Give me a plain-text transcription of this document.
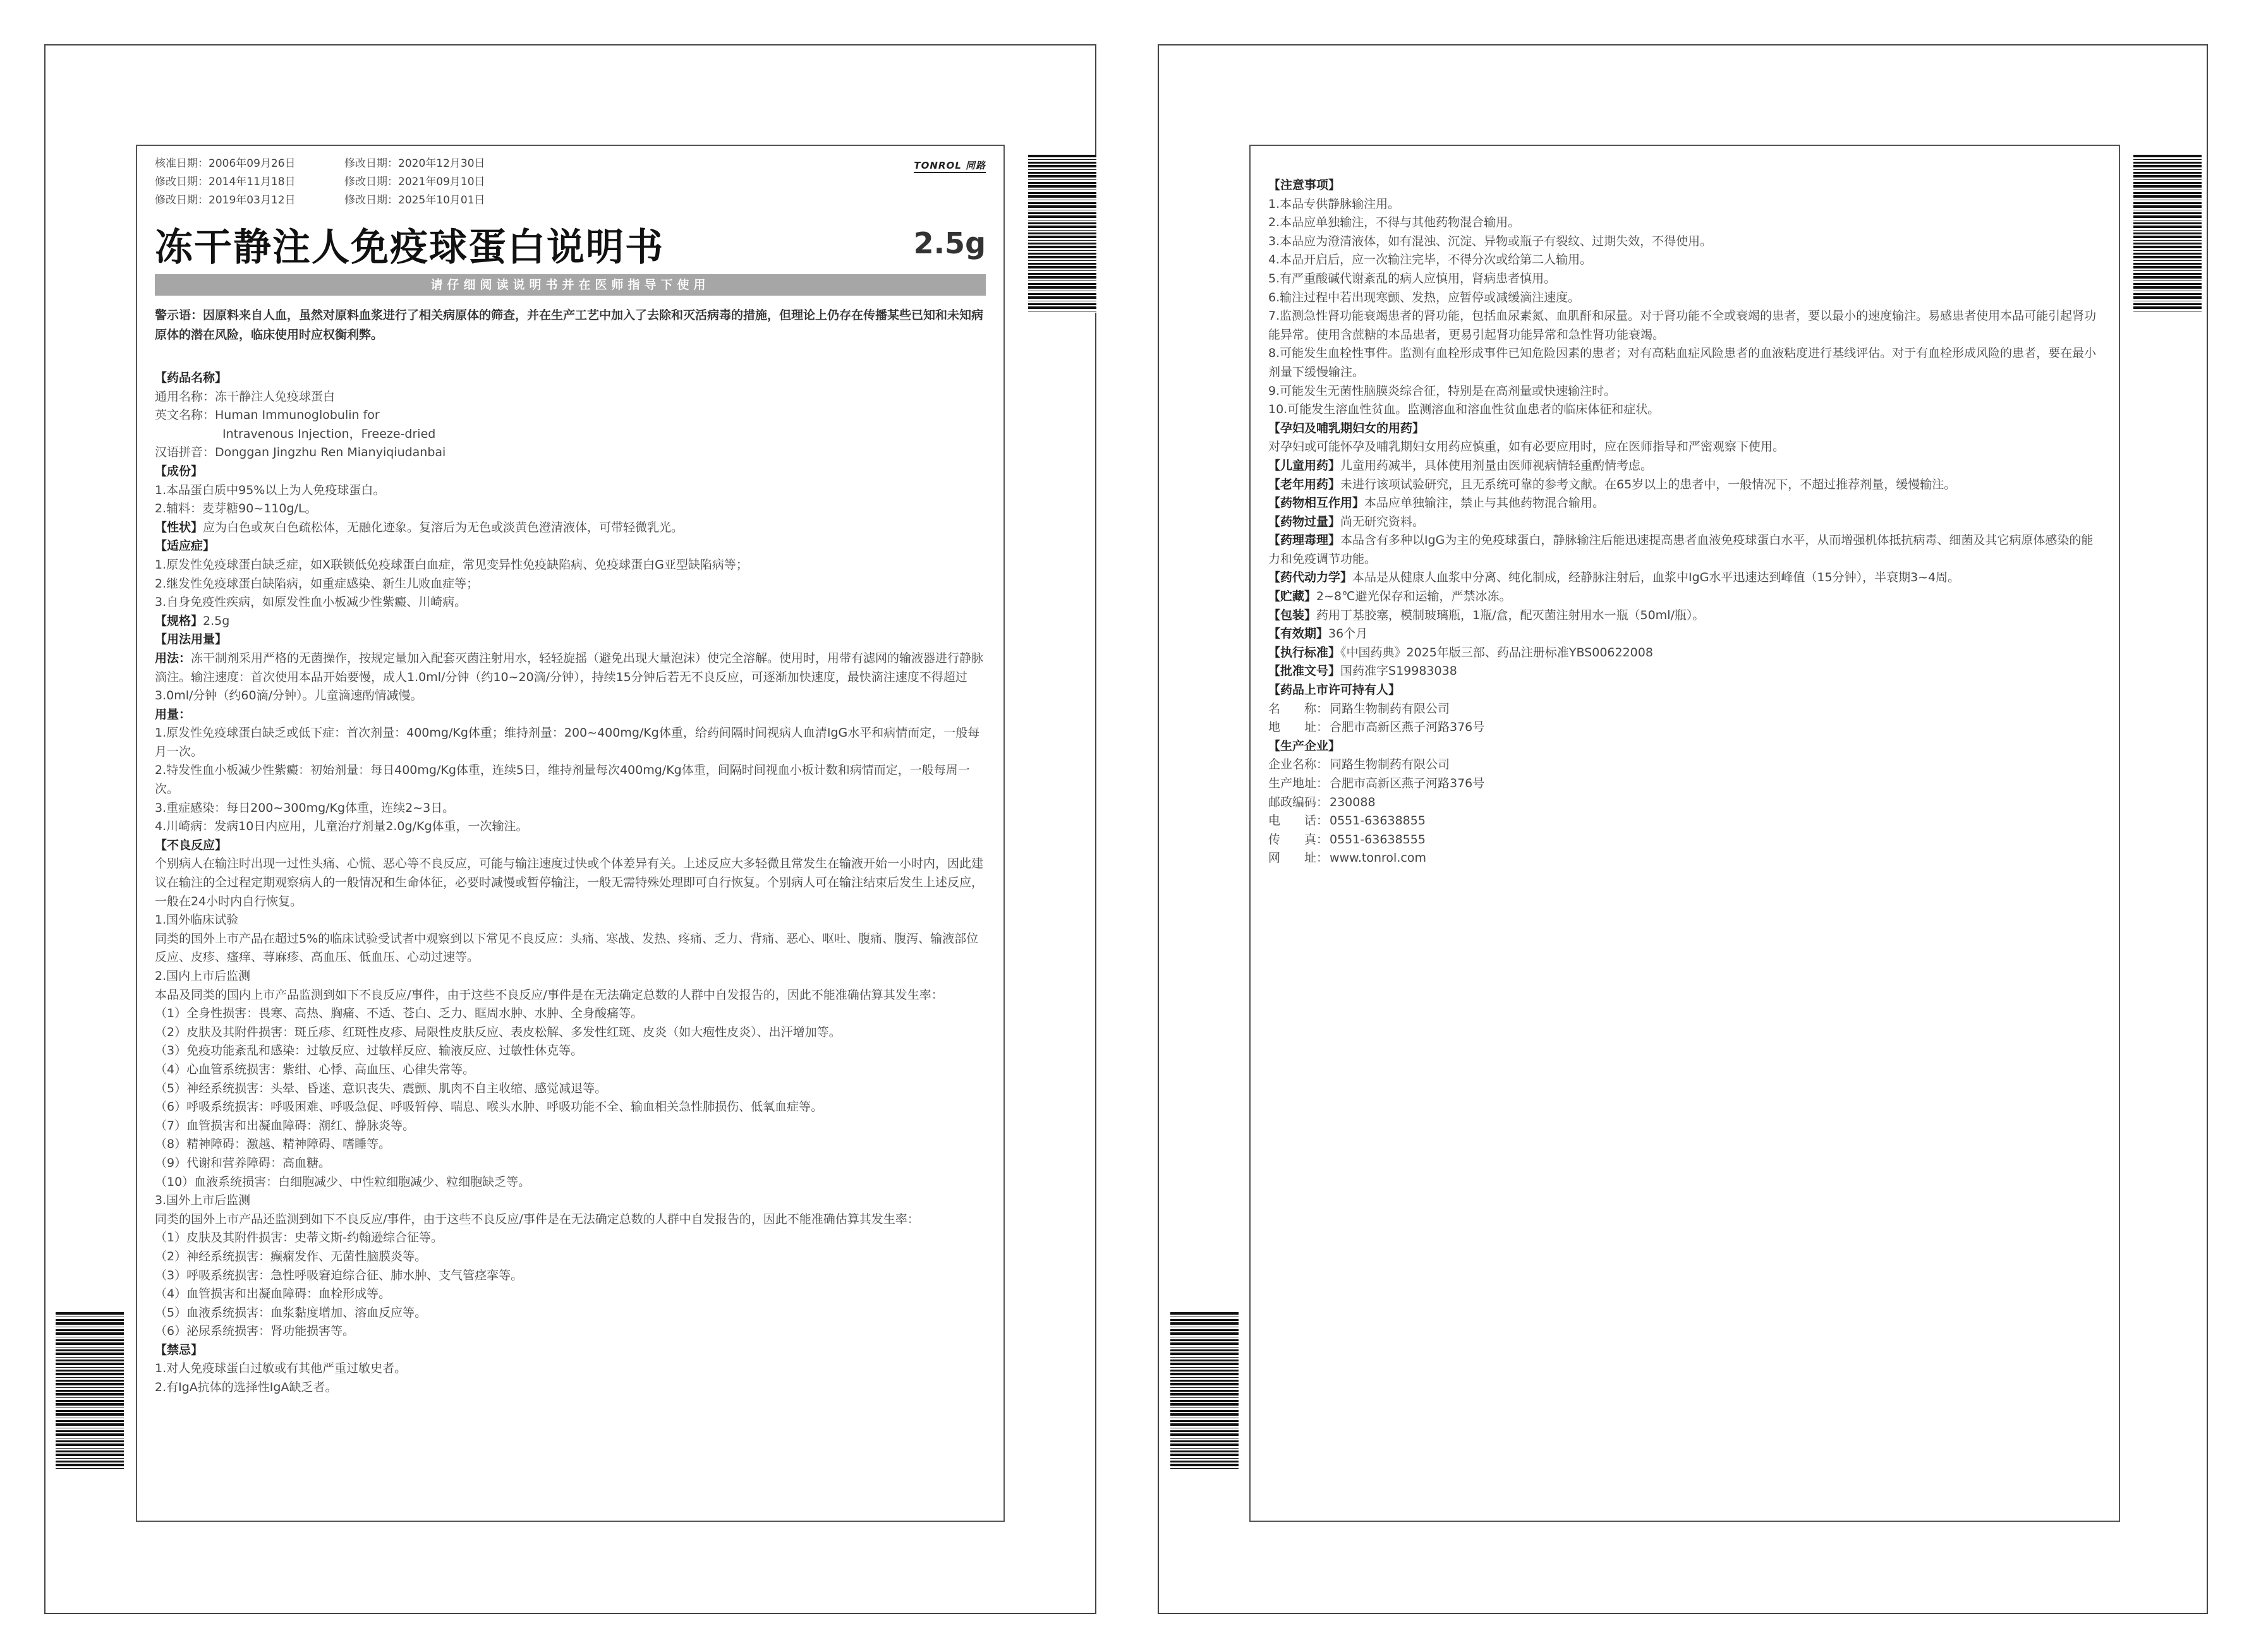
TONROL 同路
核准日期：2006年09月26日	修改日期：2020年12月30日
修改日期：2014年11月18日	修改日期：2021年09月10日
修改日期：2019年03月12日	修改日期：2025年10月01日
冻干静注人免疫球蛋白说明书	2.5g
请仔细阅读说明书并在医师指导下使用
警示语：因原料来自人血，虽然对原料血浆进行了相关病原体的筛查，并在生产工艺中加入了去除和灭活病毒的措施，但理论上仍存在传播某些已知和未知病原体的潜在风险，临床使用时应权衡利弊。

【药品名称】

通用名称：冻干静注人免疫球蛋白

英文名称：Human Immunoglobulin for

Intravenous Injection，Freeze-dried

汉语拼音：Donggan Jingzhu Ren Mianyiqiudanbai

【成份】

1.本品蛋白质中95%以上为人免疫球蛋白。

2.辅料：麦芽糖90~110g/L。

【性状】应为白色或灰白色疏松体，无融化迹象。复溶后为无色或淡黄色澄清液体，可带轻微乳光。

【适应症】

1.原发性免疫球蛋白缺乏症，如X联锁低免疫球蛋白血症，常见变异性免疫缺陷病、免疫球蛋白G亚型缺陷病等；

2.继发性免疫球蛋白缺陷病，如重症感染、新生儿败血症等；

3.自身免疫性疾病，如原发性血小板减少性紫癜、川崎病。

【规格】2.5g

【用法用量】

用法：冻干制剂采用严格的无菌操作，按规定量加入配套灭菌注射用水，轻轻旋摇（避免出现大量泡沫）使完全溶解。使用时，用带有滤网的输液器进行静脉滴注。输注速度：首次使用本品开始要慢，成人1.0ml/分钟（约10~20滴/分钟），持续15分钟后若无不良反应，可逐渐加快速度，最快滴注速度不得超过3.0ml/分钟（约60滴/分钟）。儿童滴速酌情减慢。

用量：

1.原发性免疫球蛋白缺乏或低下症：首次剂量：400mg/Kg体重；维持剂量：200~400mg/Kg体重，给药间隔时间视病人血清IgG水平和病情而定，一般每月一次。

2.特发性血小板减少性紫癜：初始剂量：每日400mg/Kg体重，连续5日，维持剂量每次400mg/Kg体重，间隔时间视血小板计数和病情而定，一般每周一次。

3.重症感染：每日200~300mg/Kg体重，连续2~3日。

4.川崎病：发病10日内应用，儿童治疗剂量2.0g/Kg体重，一次输注。

【不良反应】

个别病人在输注时出现一过性头痛、心慌、恶心等不良反应，可能与输注速度过快或个体差异有关。上述反应大多轻微且常发生在输液开始一小时内，因此建议在输注的全过程定期观察病人的一般情况和生命体征，必要时减慢或暂停输注，一般无需特殊处理即可自行恢复。个别病人可在输注结束后发生上述反应，一般在24小时内自行恢复。

1.国外临床试验

同类的国外上市产品在超过5%的临床试验受试者中观察到以下常见不良反应：头痛、寒战、发热、疼痛、乏力、背痛、恶心、呕吐、腹痛、腹泻、输液部位反应、皮疹、瘙痒、荨麻疹、高血压、低血压、心动过速等。

2.国内上市后监测

本品及同类的国内上市产品监测到如下不良反应/事件，由于这些不良反应/事件是在无法确定总数的人群中自发报告的，因此不能准确估算其发生率：

（1）全身性损害：畏寒、高热、胸痛、不适、苍白、乏力、眶周水肿、水肿、全身酸痛等。

（2）皮肤及其附件损害：斑丘疹、红斑性皮疹、局限性皮肤反应、表皮松解、多发性红斑、皮炎（如大疱性皮炎）、出汗增加等。

（3）免疫功能紊乱和感染：过敏反应、过敏样反应、输液反应、过敏性休克等。

（4）心血管系统损害：紫绀、心悸、高血压、心律失常等。

（5）神经系统损害：头晕、昏迷、意识丧失、震颤、肌肉不自主收缩、感觉减退等。

（6）呼吸系统损害：呼吸困难、呼吸急促、呼吸暂停、喘息、喉头水肿、呼吸功能不全、输血相关急性肺损伤、低氧血症等。

（7）血管损害和出凝血障碍：潮红、静脉炎等。

（8）精神障碍：激越、精神障碍、嗜睡等。

（9）代谢和营养障碍：高血糖。

（10）血液系统损害：白细胞减少、中性粒细胞减少、粒细胞缺乏等。

3.国外上市后监测

同类的国外上市产品还监测到如下不良反应/事件，由于这些不良反应/事件是在无法确定总数的人群中自发报告的，因此不能准确估算其发生率：

（1）皮肤及其附件损害：史蒂文斯-约翰逊综合征等。

（2）神经系统损害：癫痫发作、无菌性脑膜炎等。

（3）呼吸系统损害：急性呼吸窘迫综合征、肺水肿、支气管痉挛等。

（4）血管损害和出凝血障碍：血栓形成等。

（5）血液系统损害：血浆黏度增加、溶血反应等。

（6）泌尿系统损害：肾功能损害等。

【禁忌】

1.对人免疫球蛋白过敏或有其他严重过敏史者。

2.有IgA抗体的选择性IgA缺乏者。

【注意事项】

1.本品专供静脉输注用。

2.本品应单独输注，不得与其他药物混合输用。

3.本品应为澄清液体，如有混浊、沉淀、异物或瓶子有裂纹、过期失效，不得使用。

4.本品开启后，应一次输注完毕，不得分次或给第二人输用。

5.有严重酸碱代谢紊乱的病人应慎用，肾病患者慎用。

6.输注过程中若出现寒颤、发热，应暂停或减缓滴注速度。

7.监测急性肾功能衰竭患者的肾功能，包括血尿素氮、血肌酐和尿量。对于肾功能不全或衰竭的患者，要以最小的速度输注。易感患者使用本品可能引起肾功能异常。使用含蔗糖的本品患者，更易引起肾功能异常和急性肾功能衰竭。

8.可能发生血栓性事件。监测有血栓形成事件已知危险因素的患者；对有高粘血症风险患者的血液粘度进行基线评估。对于有血栓形成风险的患者，要在最小剂量下缓慢输注。

9.可能发生无菌性脑膜炎综合征，特别是在高剂量或快速输注时。

10.可能发生溶血性贫血。监测溶血和溶血性贫血患者的临床体征和症状。

【孕妇及哺乳期妇女的用药】

对孕妇或可能怀孕及哺乳期妇女用药应慎重，如有必要应用时，应在医师指导和严密观察下使用。

【儿童用药】儿童用药减半，具体使用剂量由医师视病情轻重酌情考虑。

【老年用药】未进行该项试验研究，且无系统可靠的参考文献。在65岁以上的患者中，一般情况下，不超过推荐剂量，缓慢输注。

【药物相互作用】本品应单独输注，禁止与其他药物混合输用。

【药物过量】尚无研究资料。

【药理毒理】本品含有多种以IgG为主的免疫球蛋白，静脉输注后能迅速提高患者血液免疫球蛋白水平，从而增强机体抵抗病毒、细菌及其它病原体感染的能力和免疫调节功能。

【药代动力学】本品是从健康人血浆中分离、纯化制成，经静脉注射后，血浆中IgG水平迅速达到峰值（15分钟），半衰期3~4周。

【贮藏】2~8℃避光保存和运输，严禁冰冻。

【包装】药用丁基胶塞，模制玻璃瓶，1瓶/盒，配灭菌注射用水一瓶（50ml/瓶）。

【有效期】36个月

【执行标准】《中国药典》2025年版三部、药品注册标准YBS00622008

【批准文号】国药准字S19983038

【药品上市许可持有人】

名　　称： 同路生物制药有限公司

地　　址： 合肥市高新区燕子河路376号

【生产企业】

企业名称： 同路生物制药有限公司

生产地址： 合肥市高新区燕子河路376号

邮政编码： 230088

电　　话： 0551-63638855

传　　真： 0551-63638555

网　　址： www.tonrol.com
